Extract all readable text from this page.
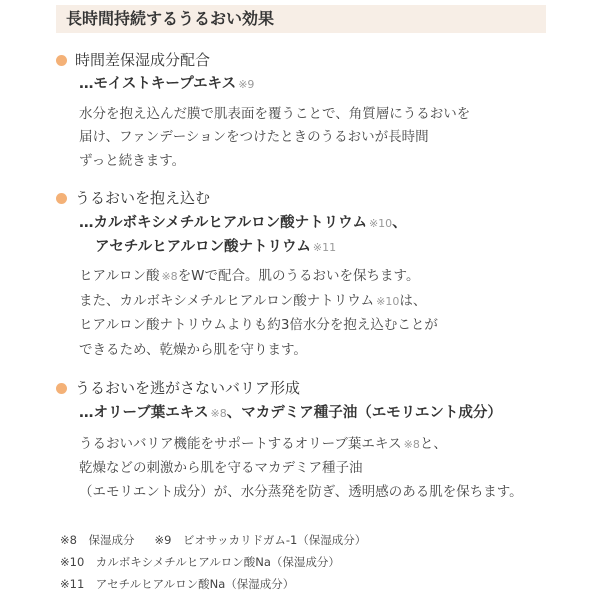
長時間持続するうるおい効果
時間差保湿成分配合
…モイストキープエキス ※9
水分を抱え込んだ膜で肌表面を覆うことで、角質層にうるおいを
届け、ファンデーションをつけたときのうるおいが長時間
ずっと続きます。
うるおいを抱え込む
…カルボキシメチルヒアルロン酸ナトリウム ※10、
アセチルヒアルロン酸ナトリウム ※11
ヒアルロン酸 ※8をWで配合。肌のうるおいを保ちます。
また、カルボキシメチルヒアルロン酸ナトリウム ※10は、
ヒアルロン酸ナトリウムよりも約3倍水分を抱え込むことが
できるため、乾燥から肌を守ります。
うるおいを逃がさないバリア形成
…オリーブ葉エキス ※8、マカデミア種子油（エモリエント成分）
うるおいバリア機能をサポートするオリーブ葉エキス ※8と、
乾燥などの刺激から肌を守るマカデミア種子油
（エモリエント成分）が、水分蒸発を防ぎ、透明感のある肌を保ちます。
※8　保湿成分 ※9　ビオサッカリドガム-1（保湿成分）
※10　カルボキシメチルヒアルロン酸Na（保湿成分）
※11　アセチルヒアルロン酸Na（保湿成分）
